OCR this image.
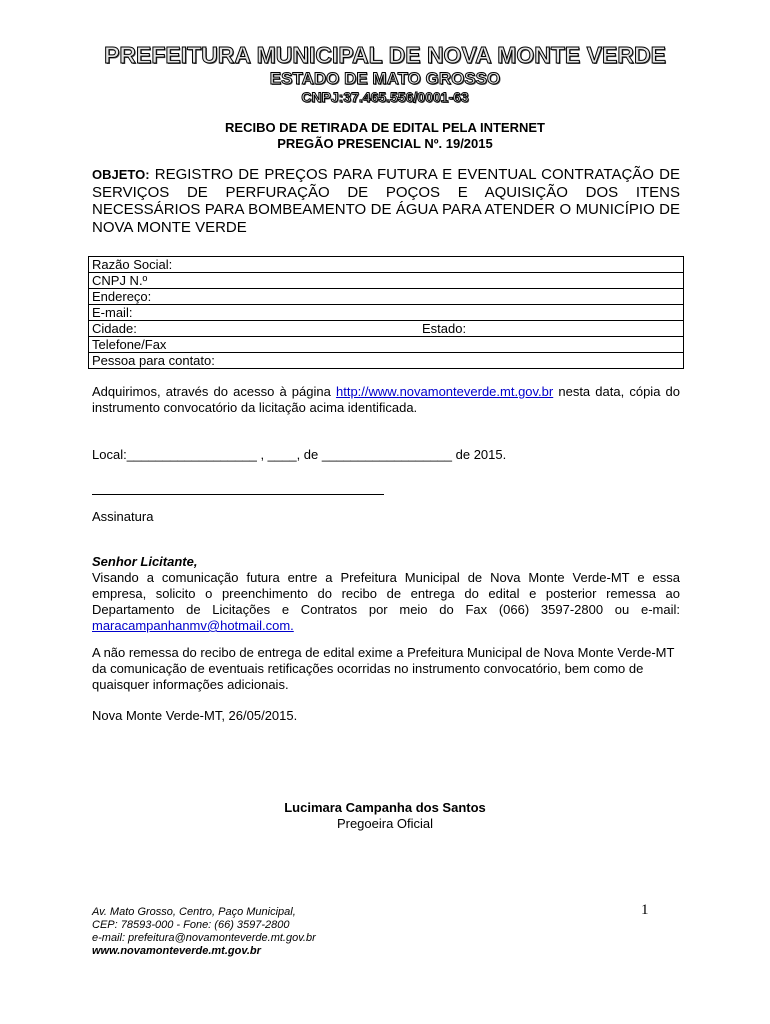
PREFEITURA MUNICIPAL DE NOVA MONTE VERDE
ESTADO DE MATO GROSSO
CNPJ:37.465.556/0001-63
RECIBO DE RETIRADA DE EDITAL PELA INTERNET
PREGÃO PRESENCIAL Nº. 19/2015
OBJETO: REGISTRO DE PREÇOS PARA FUTURA E EVENTUAL CONTRATAÇÃO DE SERVIÇOS DE PERFURAÇÃO DE POÇOS E AQUISIÇÃO DOS ITENS NECESSÁRIOS PARA BOMBEAMENTO DE ÁGUA PARA ATENDER O MUNICÍPIO DE NOVA MONTE VERDE
Razão Social:
CNPJ N.º
Endereço:
E-mail:
Cidade:	Estado:

Telefone/Fax
Pessoa para contato:
Adquirimos, através do acesso à página http://www.novamonteverde.mt.gov.br nesta data, cópia do instrumento convocatório da licitação acima identificada.
Local:__________________ , ____, de __________________ de 2015.
Assinatura
Senhor Licitante,
Visando a comunicação futura entre a Prefeitura Municipal de Nova Monte Verde-MT e essa empresa, solicito o preenchimento do recibo de entrega do edital e posterior remessa ao Departamento de Licitações e Contratos por meio do Fax (066) 3597-2800 ou e-mail: maracampanhanmv@hotmail.com.
A não remessa do recibo de entrega de edital exime a Prefeitura Municipal de Nova Monte Verde-MT da comunicação de eventuais retificações ocorridas no instrumento convocatório, bem como de quaisquer informações adicionais.
Nova Monte Verde-MT, 26/05/2015.
Lucimara Campanha dos Santos
Pregoeira Oficial
Av. Mato Grosso, Centro, Paço Municipal,
CEP: 78593-000 - Fone: (66) 3597-2800
e-mail: prefeitura@novamonteverde.mt.gov.br
www.novamonteverde.mt.gov.br
1
